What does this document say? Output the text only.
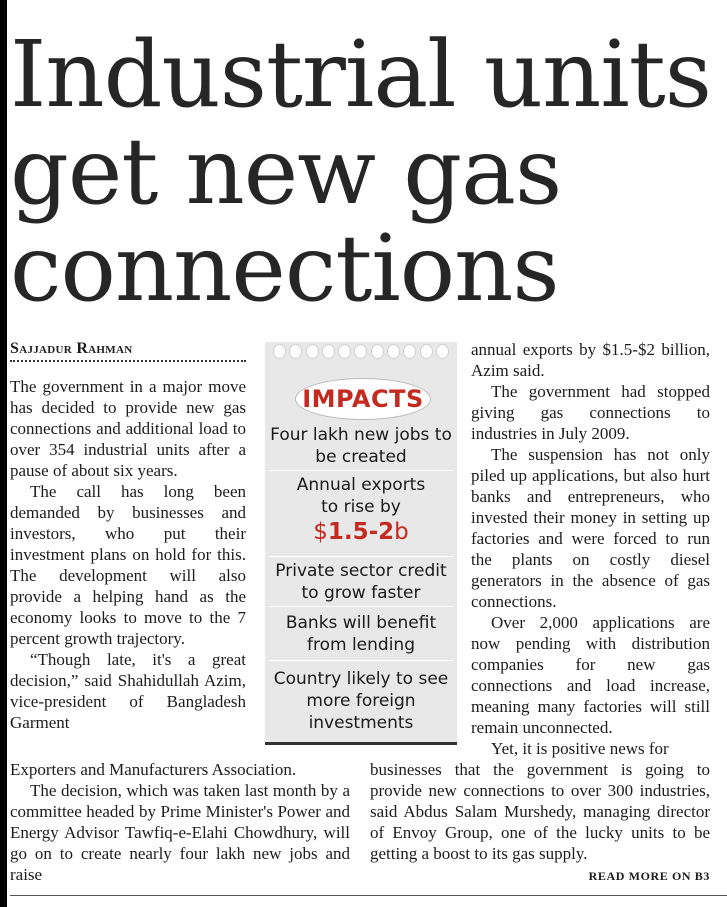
Industrial units
get new gas
connections
Sajjadur Rahman

The government in a major move has decided to provide new gas connections and additional load to over 354 industrial units after a pause of about six years.

The call has long been demanded by businesses and investors, who put their investment plans on hold for this. The development will also provide a helping hand as the economy looks to move to the 7 percent growth trajectory.

“Though late, it's a great decision,” said Shahidullah Azim, vice-president of Bangladesh Garment

IMPACTS
Four lakh new jobs to be created
Annual exports
to rise by
$1.5-2b
Private sector credit to grow faster
Banks will benefit from lending
Country likely to see more foreign investments

annual exports by $1.5-$2 billion, Azim said.

The government had stopped giving gas connections to industries in July 2009.

The suspension has not only piled up applications, but also hurt banks and entrepreneurs, who invested their money in setting up factories and were forced to run the plants on costly diesel generators in the absence of gas connections.

Over 2,000 applications are now pending with distribution companies for new gas connections and load increase, meaning many factories will still remain unconnected.

Yet, it is positive news for

Exporters and Manufacturers Association.

The decision, which was taken last month by a committee headed by Prime Minister's Power and Energy Advisor Tawfiq-e-Elahi Chowdhury, will go on to create nearly four lakh new jobs and raise

businesses that the government is going to provide new connections to over 300 industries, said Abdus Salam Murshedy, managing director of Envoy Group, one of the lucky units to be getting a boost to its gas supply.

READ MORE ON B3
